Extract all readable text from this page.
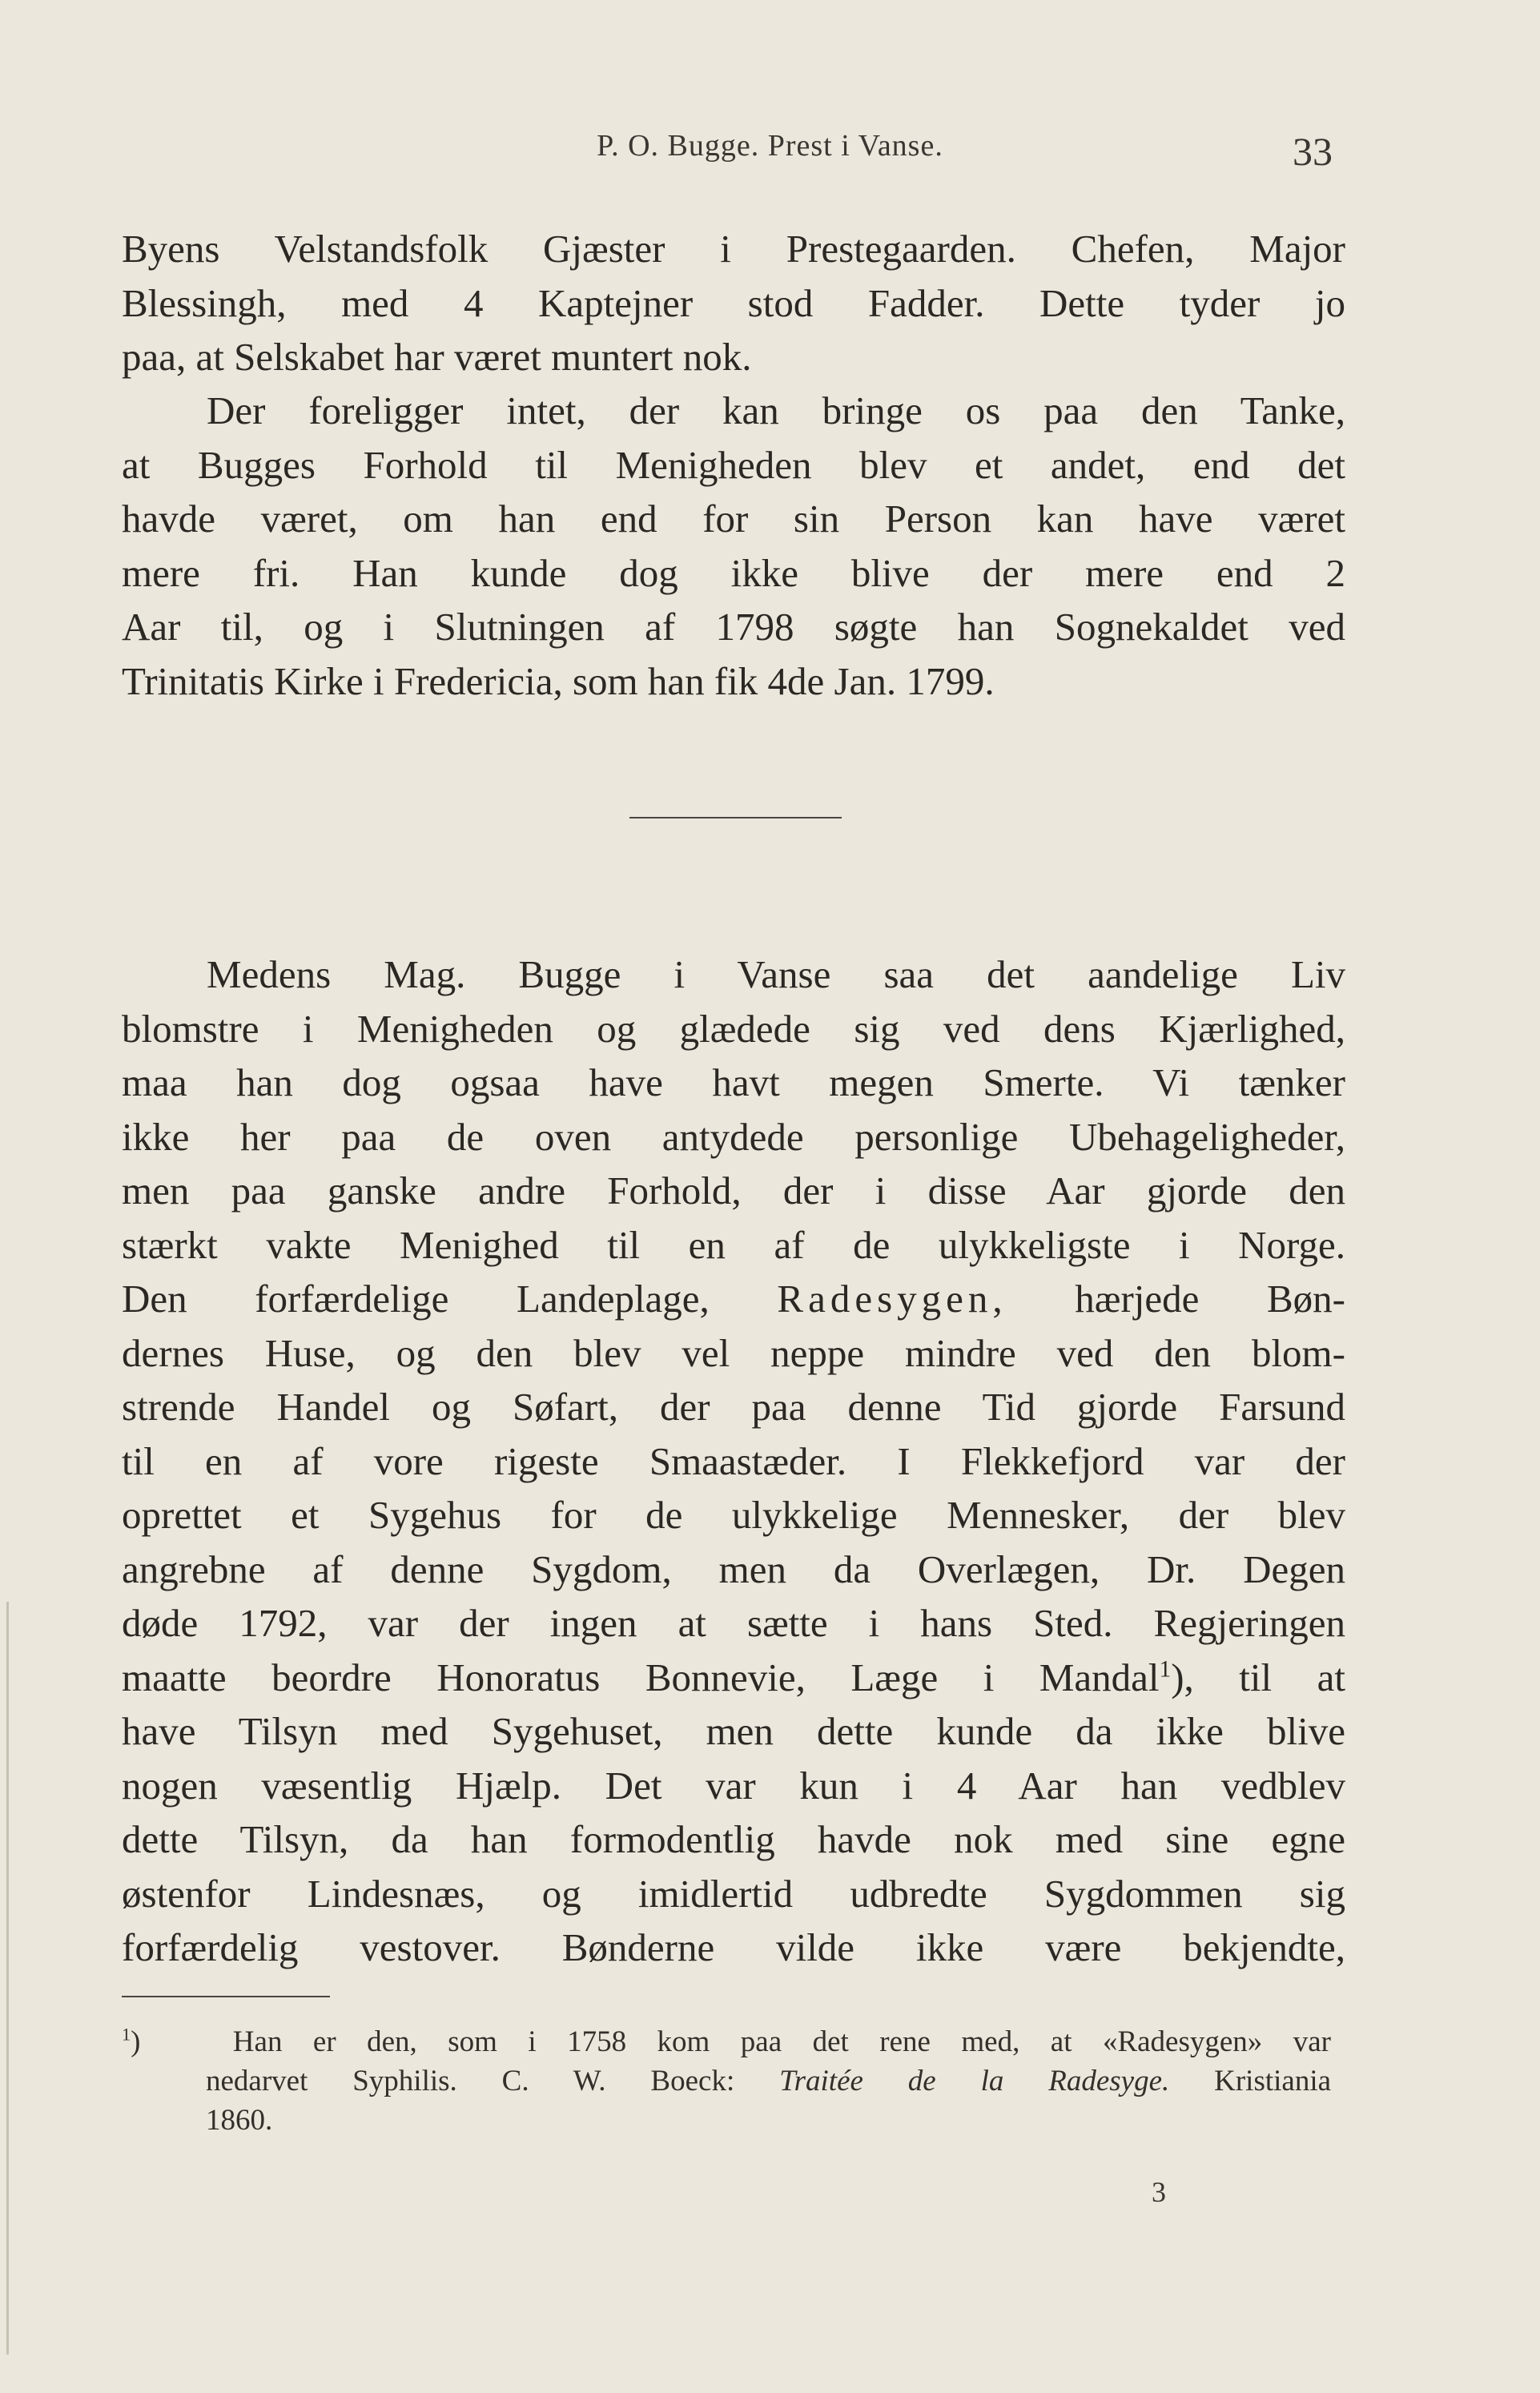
P. O. Bugge. Prest i Vanse.	33

Byens Velstandsfolk Gjæster i Prestegaarden. Chefen, Major
Blessingh, med 4 Kaptejner stod Fadder. Dette tyder jo
paa, at Selskabet har været muntert nok.

Der foreligger intet, der kan bringe os paa den Tanke,
at Bugges Forhold til Menigheden blev et andet, end det
havde været, om han end for sin Person kan have været
mere fri. Han kunde dog ikke blive der mere end 2
Aar til, og i Slutningen af 1798 søgte han Sognekaldet ved
Trinitatis Kirke i Fredericia, som han fik 4de Jan. 1799.

Medens Mag. Bugge i Vanse saa det aandelige Liv
blomstre i Menigheden og glædede sig ved dens Kjærlighed,
maa han dog ogsaa have havt megen Smerte. Vi tænker
ikke her paa de oven antydede personlige Ubehageligheder,
men paa ganske andre Forhold, der i disse Aar gjorde den
stærkt vakte Menighed til en af de ulykkeligste i Norge.
Den forfærdelige Landeplage, Radesygen, hærjede Bøn-
dernes Huse, og den blev vel neppe mindre ved den blom-
strende Handel og Søfart, der paa denne Tid gjorde Farsund
til en af vore rigeste Smaastæder. I Flekkefjord var der
oprettet et Sygehus for de ulykkelige Mennesker, der blev
angrebne af denne Sygdom, men da Overlægen, Dr. Degen
døde 1792, var der ingen at sætte i hans Sted. Regjeringen
maatte beordre Honoratus Bonnevie, Læge i Mandal$^1$), til at
have Tilsyn med Sygehuset, men dette kunde da ikke blive
nogen væsentlig Hjælp. Det var kun i 4 Aar han vedblev
dette Tilsyn, da han formodentlig havde nok med sine egne
østenfor Lindesnæs, og imidlertid udbredte Sygdommen sig
forfærdelig vestover. Bønderne vilde ikke være bekjendte,

$^1$)	Han er den, som i 1758 kom paa det rene med, at «Radesygen» var
nedarvet Syphilis. C. W. Boeck: Traitée de la Radesyge. Kristiania
1860.
3
